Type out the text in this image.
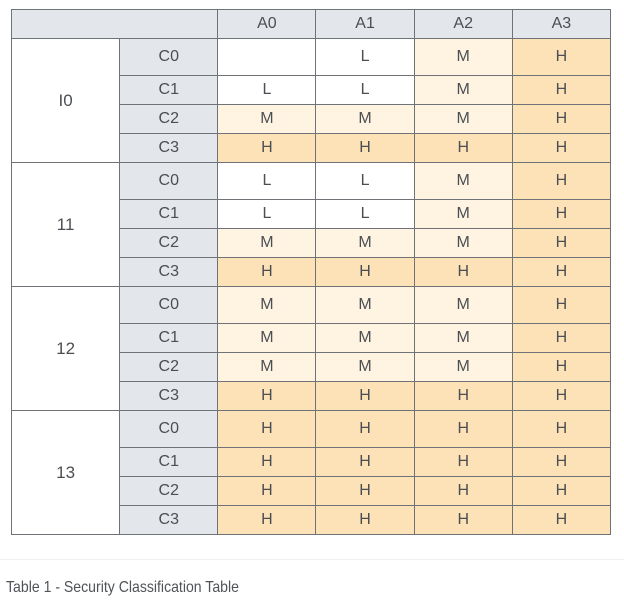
		A0	A1	A2	A3
I0	C0		L	M	H
	C1	L	L	M	H
	C2	M	M	M	H
	C3	H	H	H	H
11	C0	L	L	M	H
	C1	L	L	M	H
	C2	M	M	M	H
	C3	H	H	H	H
12	C0	M	M	M	H
	C1	M	M	M	H
	C2	M	M	M	H
	C3	H	H	H	H
13	C0	H	H	H	H
	C1	H	H	H	H
	C2	H	H	H	H
	C3	H	H	H	H
Table 1 - Security Classification Table
